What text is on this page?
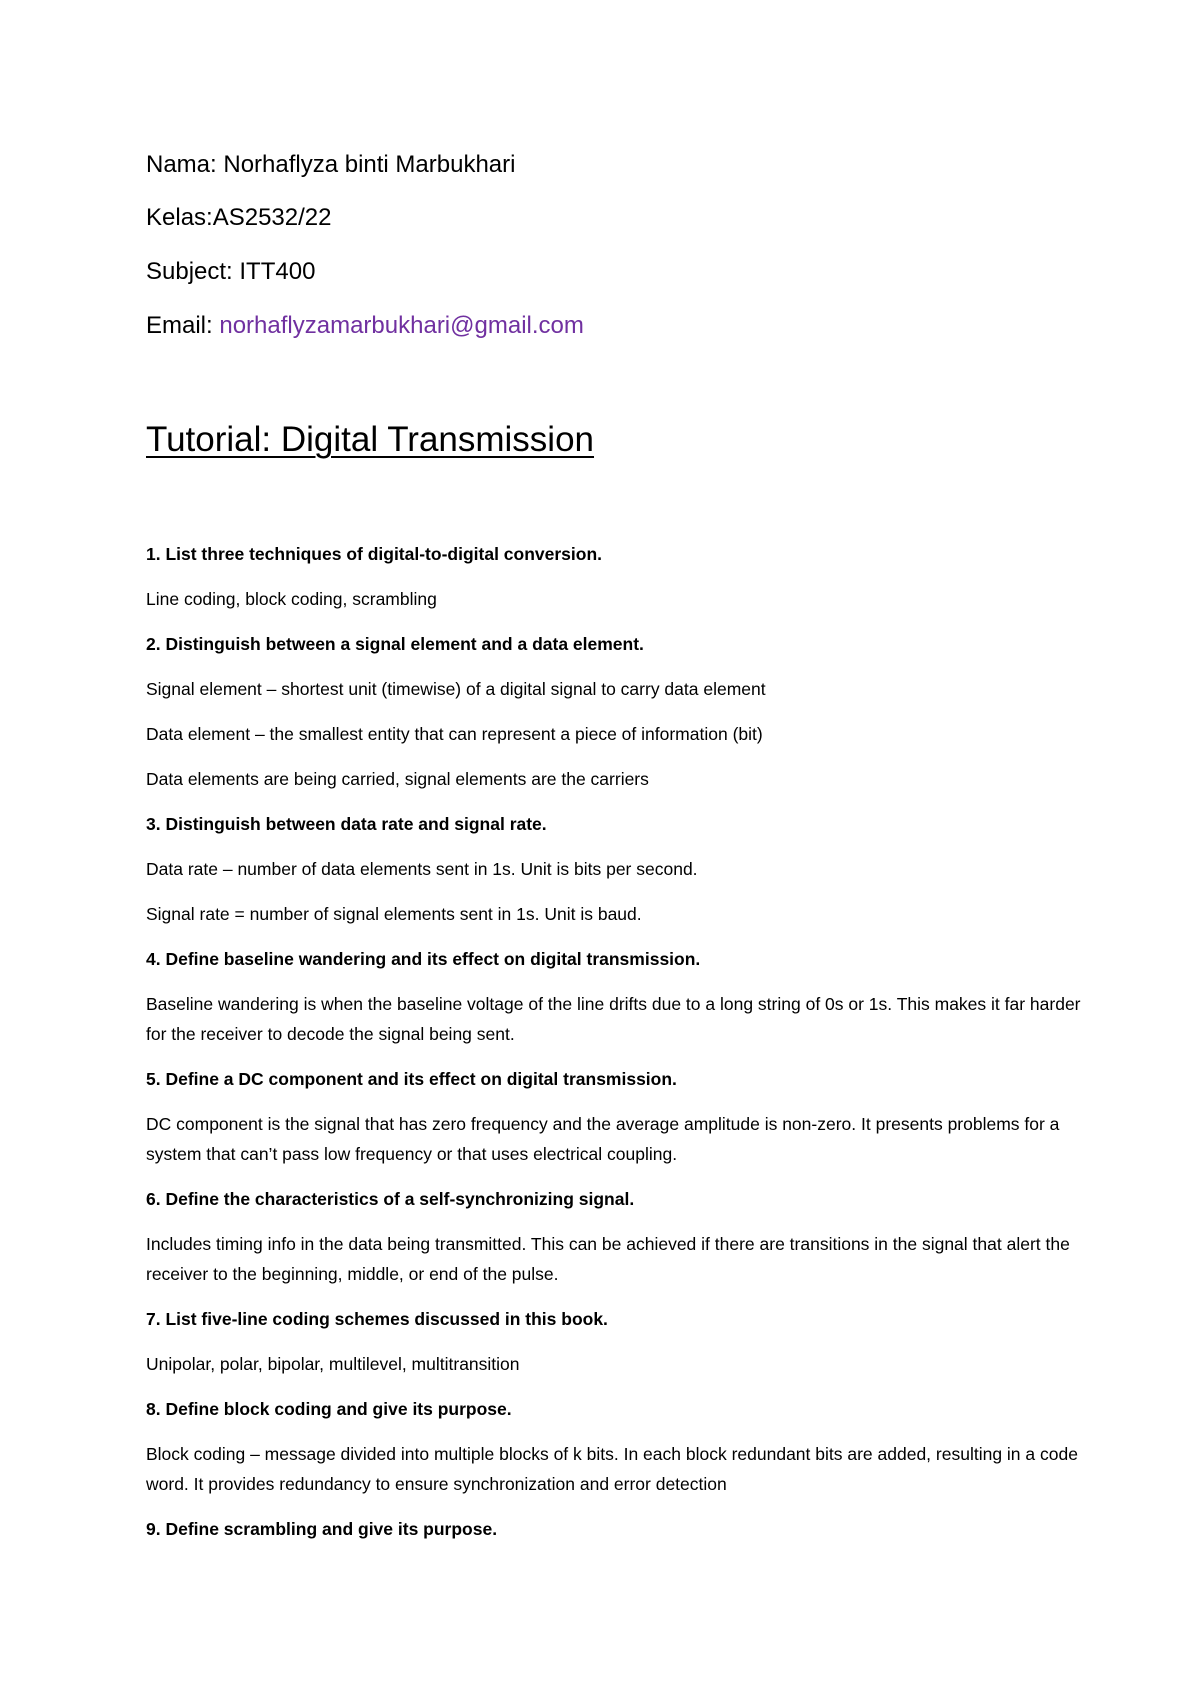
Nama: Norhaflyza binti Marbukhari
Kelas:AS2532/22
Subject: ITT400
Email: norhaflyzamarbukhari@gmail.com
Tutorial: Digital Transmission
1. List three techniques of digital-to-digital conversion.
Line coding, block coding, scrambling
2. Distinguish between a signal element and a data element.
Signal element – shortest unit (timewise) of a digital signal to carry data element
Data element – the smallest entity that can represent a piece of information (bit)
Data elements are being carried, signal elements are the carriers
3. Distinguish between data rate and signal rate.
Data rate – number of data elements sent in 1s. Unit is bits per second.
Signal rate = number of signal elements sent in 1s. Unit is baud.
4. Define baseline wandering and its effect on digital transmission.
Baseline wandering is when the baseline voltage of the line drifts due to a long string of 0s or 1s. This makes it far harder for the receiver to decode the signal being sent.
5. Define a DC component and its effect on digital transmission.
DC component is the signal that has zero frequency and the average amplitude is non-zero. It presents problems for a system that can’t pass low frequency or that uses electrical coupling.
6. Define the characteristics of a self-synchronizing signal.
Includes timing info in the data being transmitted. This can be achieved if there are transitions in the signal that alert the receiver to the beginning, middle, or end of the pulse.
7. List five-line coding schemes discussed in this book.
Unipolar, polar, bipolar, multilevel, multitransition
8. Define block coding and give its purpose.
Block coding – message divided into multiple blocks of k bits. In each block redundant bits are added, resulting in a code word. It provides redundancy to ensure synchronization and error detection
9. Define scrambling and give its purpose.
